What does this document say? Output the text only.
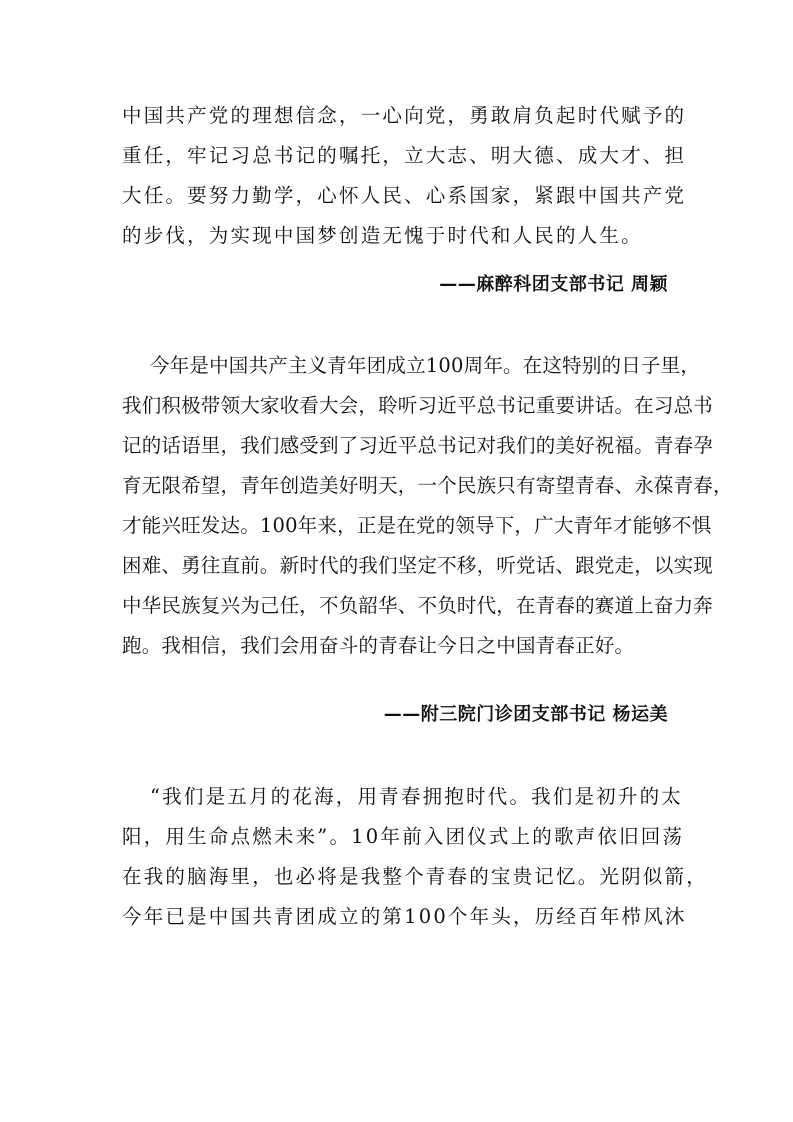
中国共产党的理想信念，一心向党，勇敢肩负起时代赋予的
重任，牢记习总书记的嘱托，立大志、明大德、成大才、担
大任。要努力勤学，心怀人民、心系国家，紧跟中国共产党
的步伐，为实现中国梦创造无愧于时代和人民的人生。
——麻醉科团支部书记 周颖
今年是中国共产主义青年团成立100周年。在这特别的日子里，
我们积极带领大家收看大会，聆听习近平总书记重要讲话。在习总书
记的话语里，我们感受到了习近平总书记对我们的美好祝福。青春孕
育无限希望，青年创造美好明天，一个民族只有寄望青春、永葆青春，
才能兴旺发达。100年来，正是在党的领导下，广大青年才能够不惧
困难、勇往直前。新时代的我们坚定不移，听党话、跟党走，以实现
中华民族复兴为己任，不负韶华、不负时代，在青春的赛道上奋力奔
跑。我相信，我们会用奋斗的青春让今日之中国青春正好。
——附三院门诊团支部书记 杨运美
“我们是五月的花海，用青春拥抱时代。我们是初升的太
阳，用生命点燃未来”。10年前入团仪式上的歌声依旧回荡
在我的脑海里，也必将是我整个青春的宝贵记忆。光阴似箭，
今年已是中国共青团成立的第100个年头，历经百年栉风沐
